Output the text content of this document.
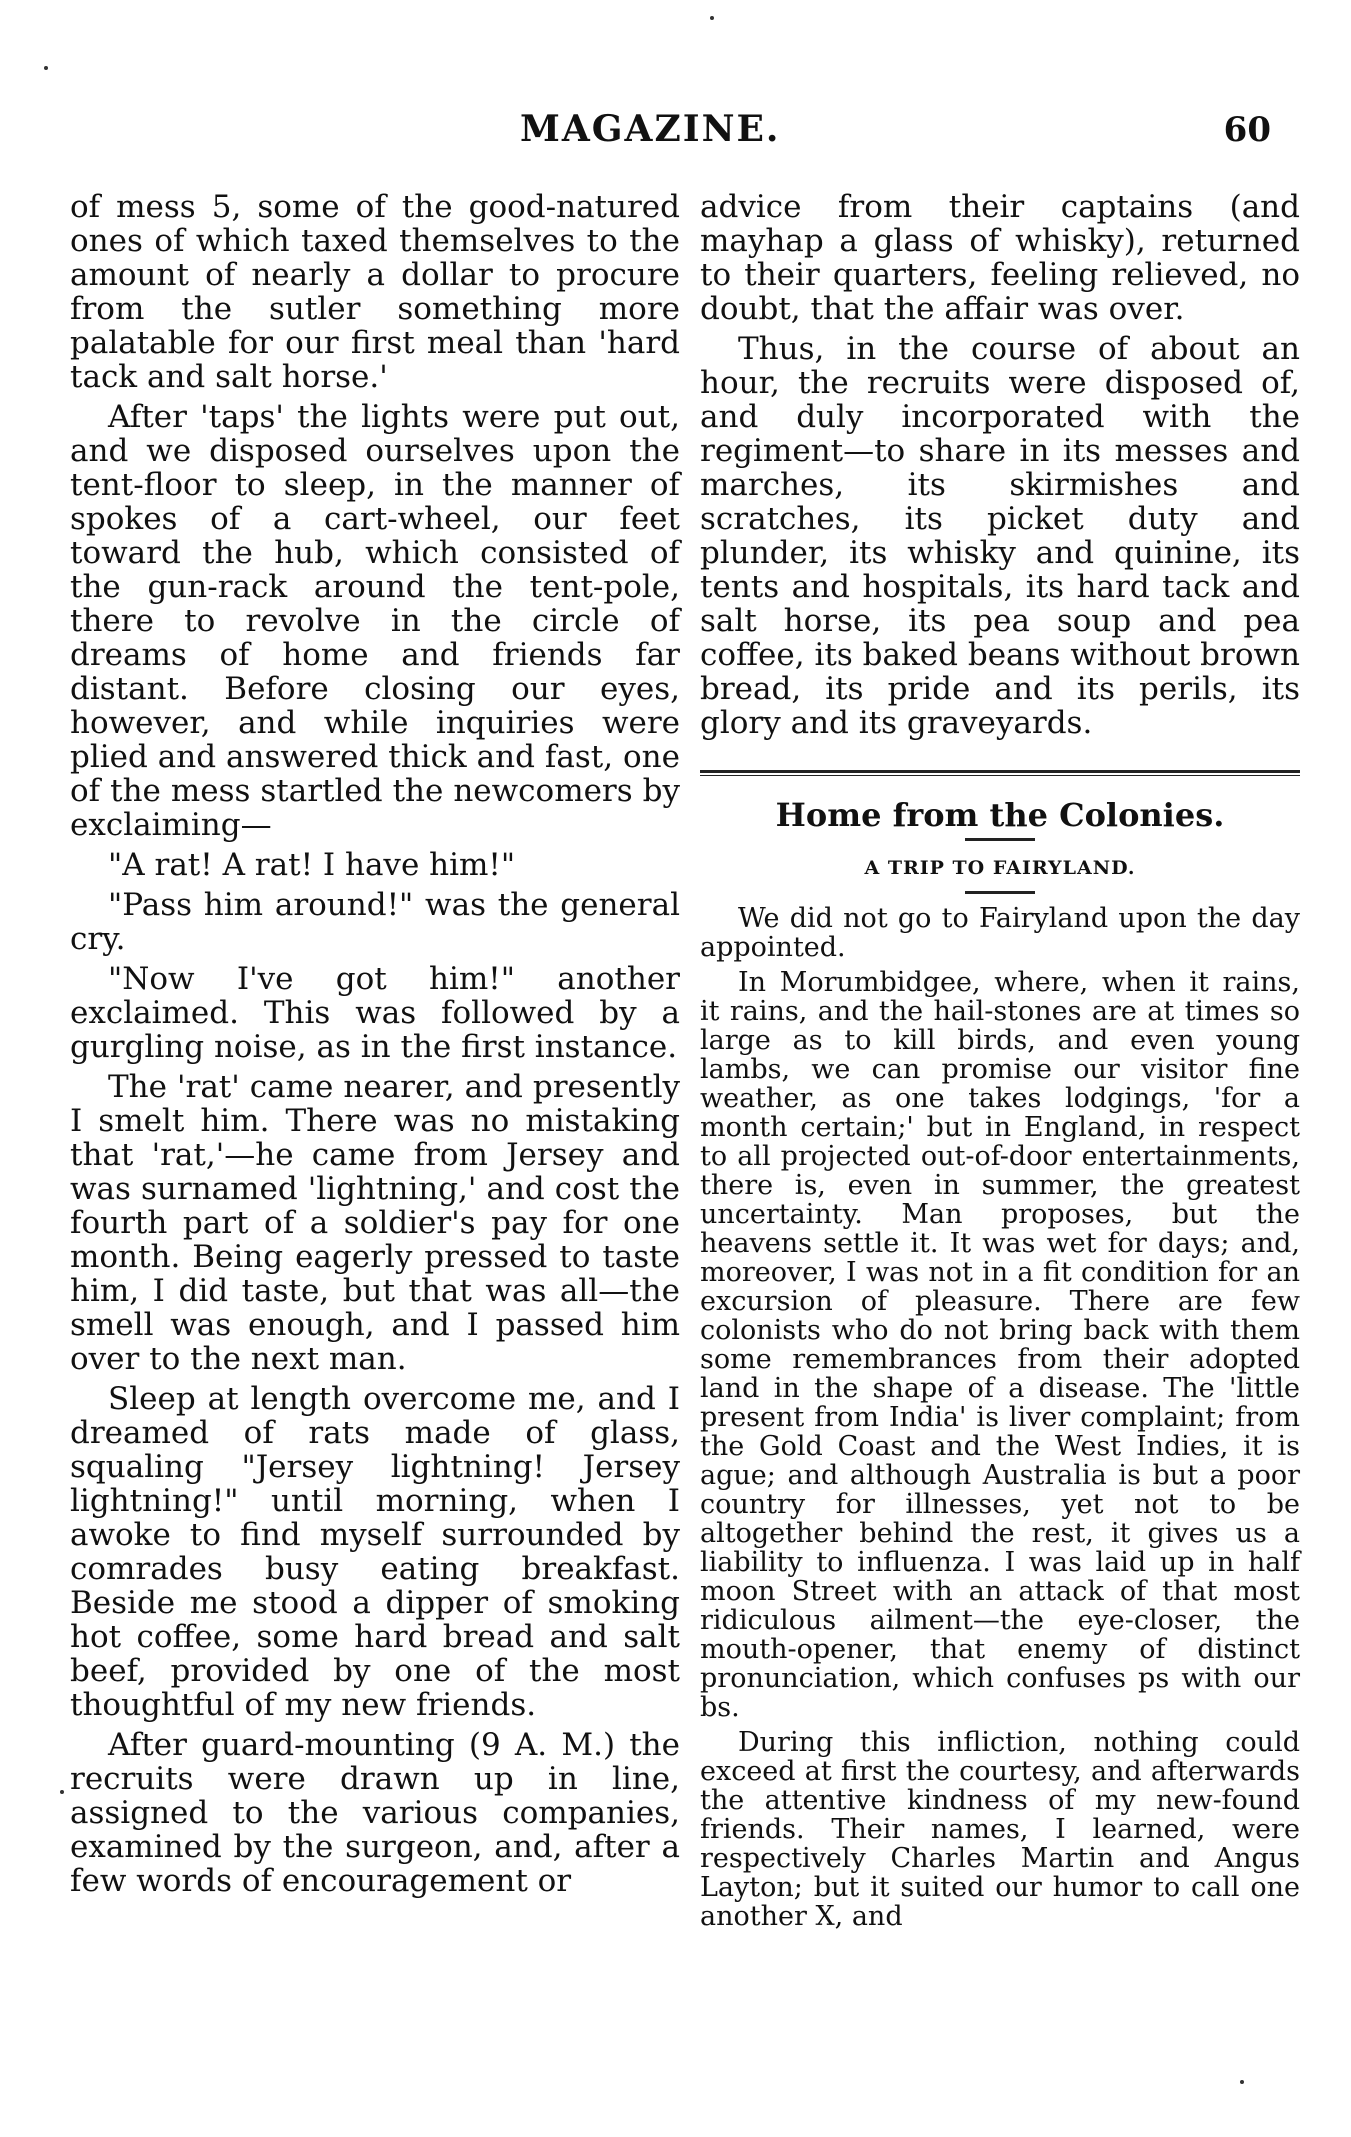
MAGAZINE.	60

of mess 5, some of the good-natured ones of which taxed themselves to the amount of nearly a dollar to procure from the sutler something more palatable for our first meal than 'hard tack and salt horse.'

After 'taps' the lights were put out, and we disposed ourselves upon the tent-floor to sleep, in the manner of spokes of a cart-wheel, our feet toward the hub, which consisted of the gun-rack around the tent-pole, there to revolve in the circle of dreams of home and friends far distant. Before closing our eyes, however, and while inquiries were plied and answered thick and fast, one of the mess startled the newcomers by exclaiming—

"A rat! A rat! I have him!"

"Pass him around!" was the general cry.

"Now I've got him!" another exclaimed. This was followed by a gurgling noise, as in the first instance.

The 'rat' came nearer, and presently I smelt him. There was no mistaking that 'rat,'—he came from Jersey and was surnamed 'lightning,' and cost the fourth part of a soldier's pay for one month. Being eagerly pressed to taste him, I did taste, but that was all—the smell was enough, and I passed him over to the next man.

Sleep at length overcome me, and I dreamed of rats made of glass, squaling "Jersey lightning! Jersey lightning!" until morning, when I awoke to find myself surrounded by comrades busy eating breakfast. Beside me stood a dipper of smoking hot coffee, some hard bread and salt beef, provided by one of the most thoughtful of my new friends.

After guard-mounting (9 A. M.) the recruits were drawn up in line, assigned to the various companies, examined by the surgeon, and, after a few words of encouragement or

advice from their captains (and mayhap a glass of whisky), returned to their quarters, feeling relieved, no doubt, that the affair was over.

Thus, in the course of about an hour, the recruits were disposed of, and duly incorporated with the regiment—to share in its messes and marches, its skirmishes and scratches, its picket duty and plunder, its whisky and quinine, its tents and hospitals, its hard tack and salt horse, its pea soup and pea coffee, its baked beans without brown bread, its pride and its perils, its glory and its graveyards.

Home from the Colonies.
A TRIP TO FAIRYLAND.

We did not go to Fairyland upon the day appointed.

In Morumbidgee, where, when it rains, it rains, and the hail-stones are at times so large as to kill birds, and even young lambs, we can promise our visitor fine weather, as one takes lodgings, 'for a month certain;' but in England, in respect to all projected out-of-door entertainments, there is, even in summer, the greatest uncertainty. Man proposes, but the heavens settle it. It was wet for days; and, moreover, I was not in a fit condition for an excursion of pleasure. There are few colonists who do not bring back with them some remembrances from their adopted land in the shape of a disease. The 'little present from India' is liver complaint; from the Gold Coast and the West Indies, it is ague; and although Australia is but a poor country for illnesses, yet not to be altogether behind the rest, it gives us a liability to influenza. I was laid up in half moon Street with an attack of that most ridiculous ailment—the eye-closer, the mouth-opener, that enemy of distinct pronunciation, which confuses ps with our bs.

During this infliction, nothing could exceed at first the courtesy, and afterwards the attentive kindness of my new-found friends. Their names, I learned, were respectively Charles Martin and Angus Layton; but it suited our humor to call one another X, and
